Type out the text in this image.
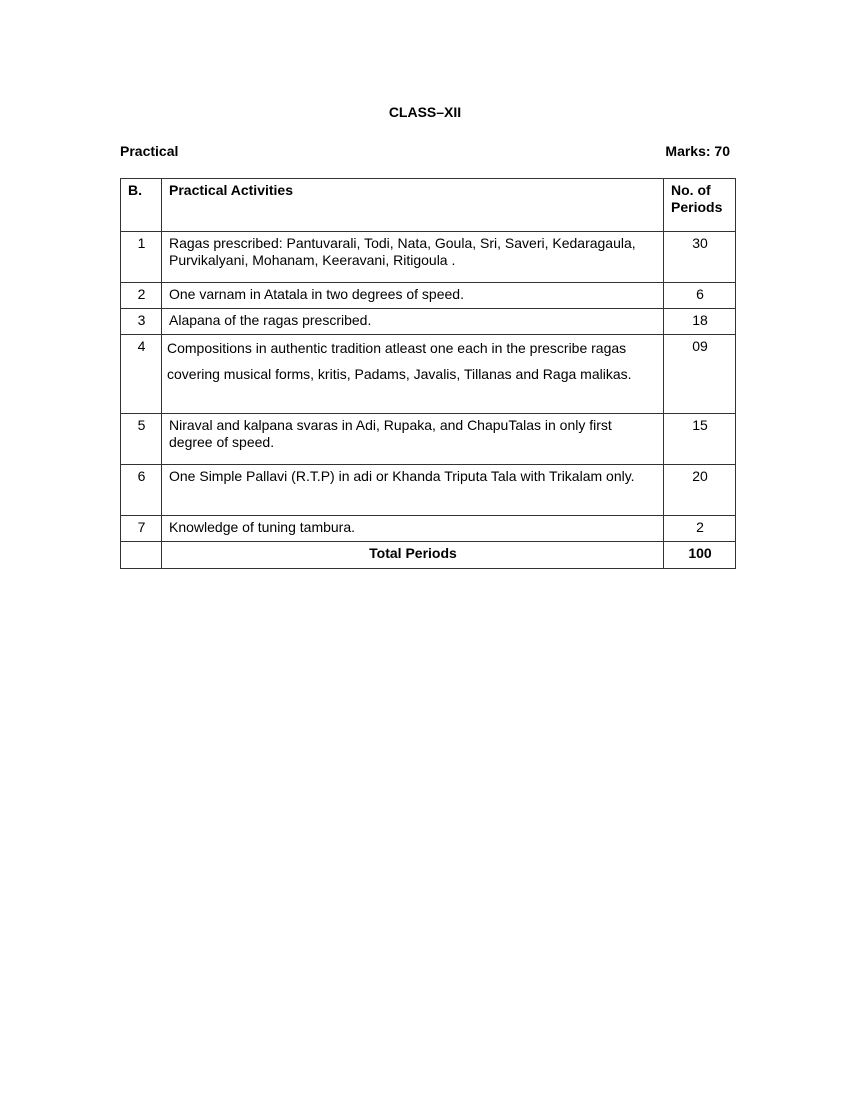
CLASS–XII
Practical	Marks: 70
B.	Practical Activities	No. of Periods
1	Ragas prescribed: Pantuvarali, Todi, Nata, Goula, Sri, Saveri, Kedaragaula, Purvikalyani, Mohanam, Keeravani, Ritigoula .	30
2	One varnam in Atatala in two degrees of speed.	6
3	Alapana of the ragas prescribed.	18
4	Compositions in authentic tradition atleast one each in the prescribe ragas covering musical forms, kritis, Padams, Javalis, Tillanas and Raga malikas.	09
5	Niraval and kalpana svaras in Adi, Rupaka, and ChapuTalas in only first degree of speed.	15
6	One Simple Pallavi (R.T.P) in adi or Khanda Triputa Tala with Trikalam only.	20
7	Knowledge of tuning tambura.	2
	Total Periods	100
